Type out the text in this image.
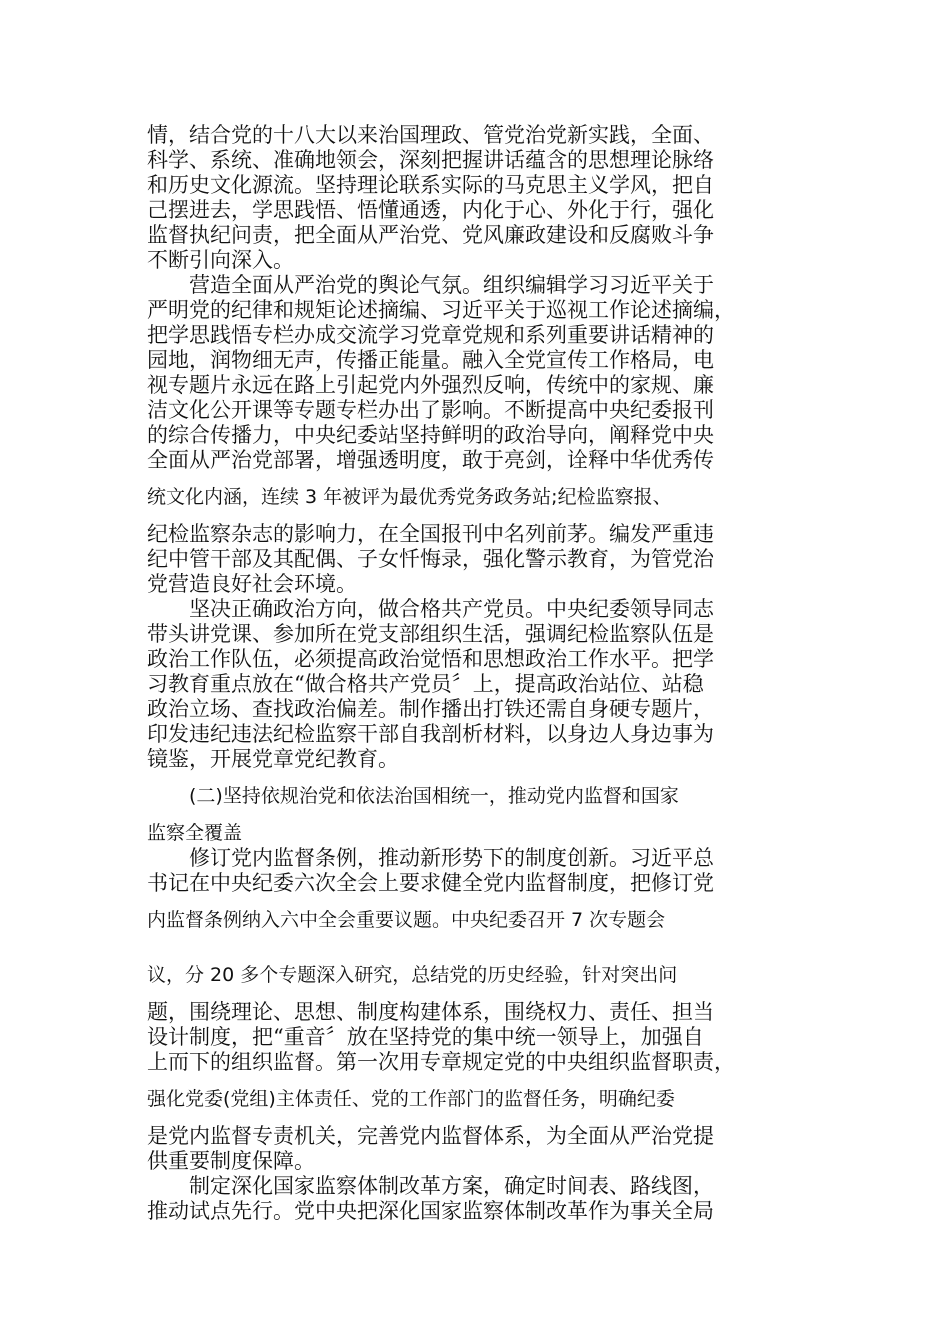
情，结合党的十八大以来治国理政、管党治党新实践，全面、
科学、系统、准确地领会，深刻把握讲话蕴含的思想理论脉络
和历史文化源流。坚持理论联系实际的马克思主义学风，把自
己摆进去，学思践悟、悟懂通透，内化于心、外化于行，强化
监督执纪问责，把全面从严治党、党风廉政建设和反腐败斗争
不断引向深入。
营造全面从严治党的舆论气氛。组织编辑学习习近平关于
严明党的纪律和规矩论述摘编、习近平关于巡视工作论述摘编，
把学思践悟专栏办成交流学习党章党规和系列重要讲话精神的
园地，润物细无声，传播正能量。融入全党宣传工作格局，电
视专题片永远在路上引起党内外强烈反响，传统中的家规、廉
洁文化公开课等专题专栏办出了影响。不断提高中央纪委报刊
的综合传播力，中央纪委站坚持鲜明的政治导向，阐释党中央
全面从严治党部署，增强透明度，敢于亮剑，诠释中华优秀传
统文化内涵，连续 3 年被评为最优秀党务政务站;纪检监察报、
纪检监察杂志的影响力，在全国报刊中名列前茅。编发严重违
纪中管干部及其配偶、子女忏悔录，强化警示教育，为管党治
党营造良好社会环境。
坚决正确政治方向，做合格共产党员。中央纪委领导同志
带头讲党课、参加所在党支部组织生活，强调纪检监察队伍是
政治工作队伍，必须提高政治觉悟和思想政治工作水平。把学
习教育重点放在“做合格共产党员〞上，提高政治站位、站稳
政治立场、查找政治偏差。制作播出打铁还需自身硬专题片，
印发违纪违法纪检监察干部自我剖析材料，以身边人身边事为
镜鉴，开展党章党纪教育。
(二)坚持依规治党和依法治国相统一，推动党内监督和国家
监察全覆盖
修订党内监督条例，推动新形势下的制度创新。习近平总
书记在中央纪委六次全会上要求健全党内监督制度，把修订党
内监督条例纳入六中全会重要议题。中央纪委召开 7 次专题会
议，分 20 多个专题深入研究，总结党的历史经验，针对突出问
题，围绕理论、思想、制度构建体系，围绕权力、责任、担当
设计制度，把“重音〞放在坚持党的集中统一领导上，加强自
上而下的组织监督。第一次用专章规定党的中央组织监督职责，
强化党委(党组)主体责任、党的工作部门的监督任务，明确纪委
是党内监督专责机关，完善党内监督体系，为全面从严治党提
供重要制度保障。
制定深化国家监察体制改革方案，确定时间表、路线图，
推动试点先行。党中央把深化国家监察体制改革作为事关全局
